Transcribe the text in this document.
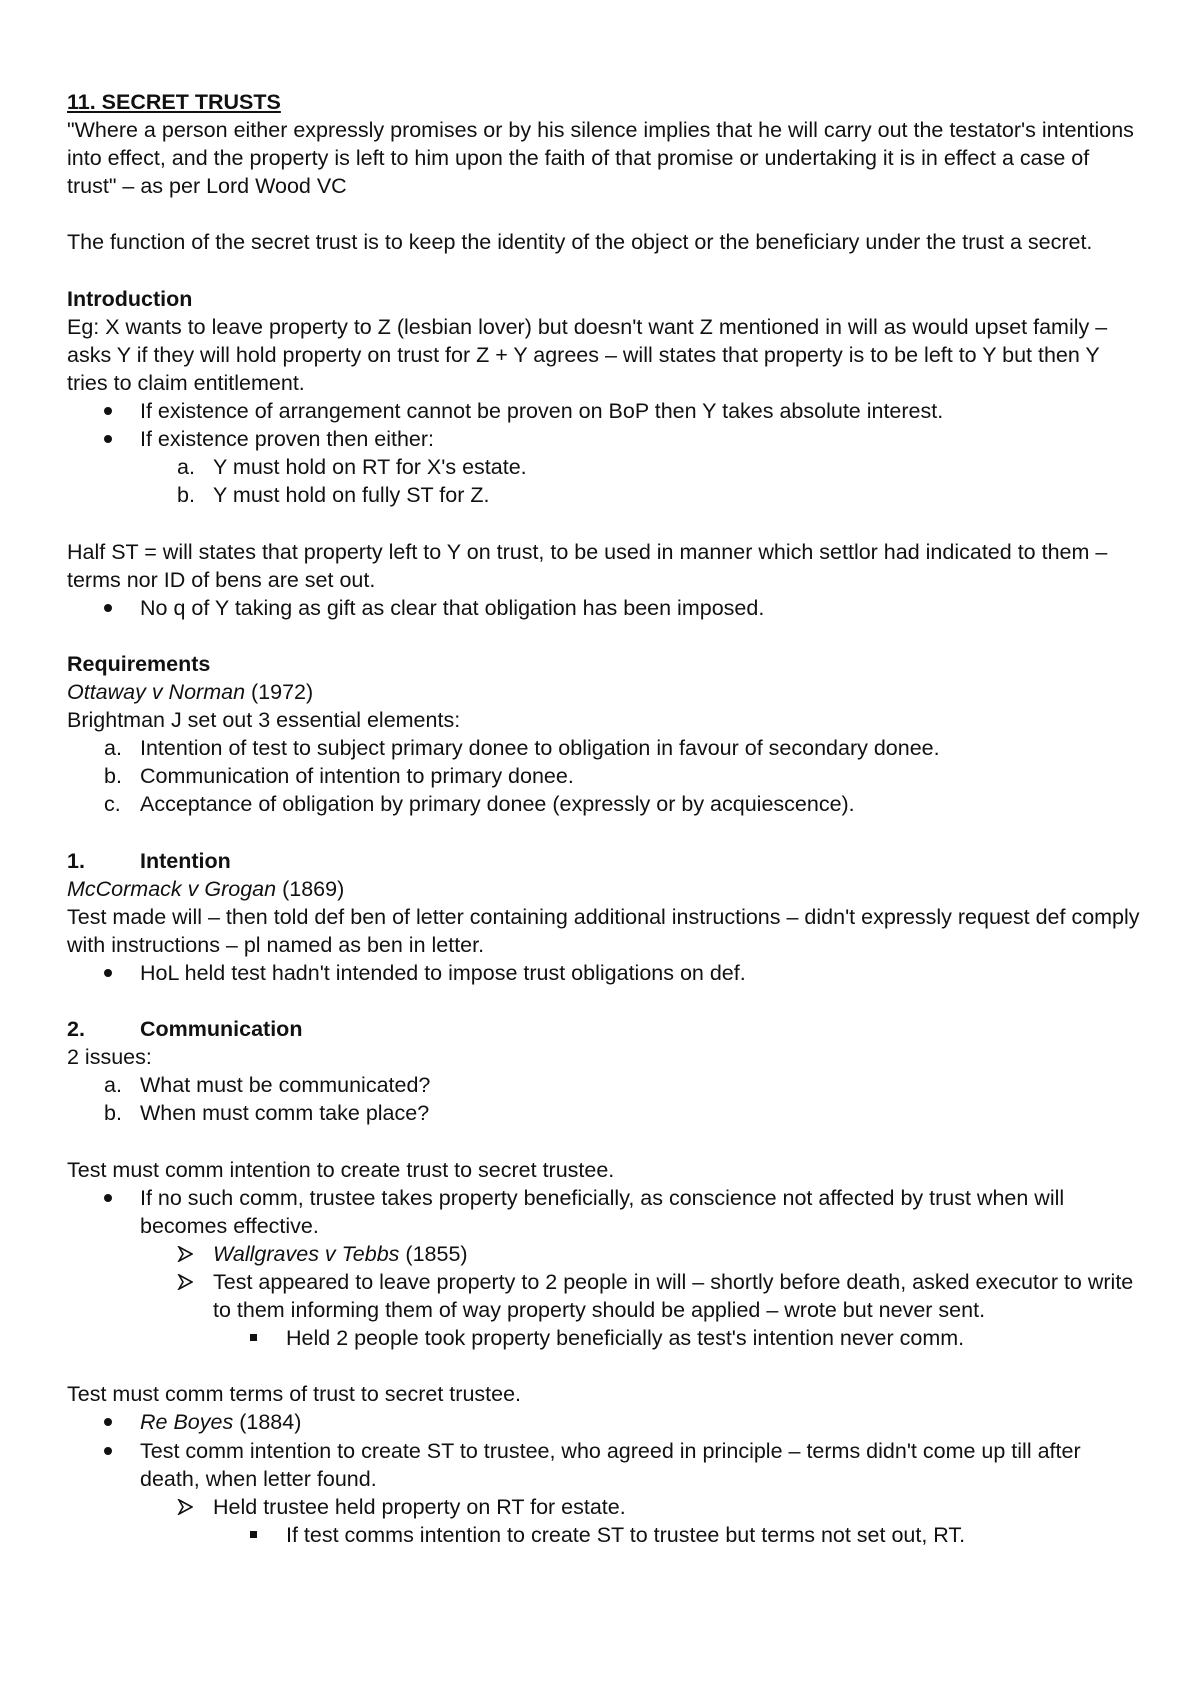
11. SECRET TRUSTS

"Where a person either expressly promises or by his silence implies that he will carry out the testator's intentions into effect, and the property is left to him upon the faith of that promise or undertaking it is in effect a case of trust" – as per Lord Wood VC

The function of the secret trust is to keep the identity of the object or the beneficiary under the trust a secret.

Introduction

Eg: X wants to leave property to Z (lesbian lover) but doesn't want Z mentioned in will as would upset family – asks Y if they will hold property on trust for Z + Y agrees – will states that property is to be left to Y but then Y tries to claim entitlement.

If existence of arrangement cannot be proven on BoP then Y takes absolute interest.
If existence proven then either:
a. Y must hold on RT for X's estate.
b. Y must hold on fully ST for Z.

Half ST = will states that property left to Y on trust, to be used in manner which settlor had indicated to them – terms nor ID of bens are set out.

No q of Y taking as gift as clear that obligation has been imposed.

Requirements

Ottaway v Norman (1972)

Brightman J set out 3 essential elements:

a. Intention of test to subject primary donee to obligation in favour of secondary donee.
b. Communication of intention to primary donee.
c. Acceptance of obligation by primary donee (expressly or by acquiescence).

1.	Intention

McCormack v Grogan (1869)

Test made will – then told def ben of letter containing additional instructions – didn't expressly request def comply with instructions – pl named as ben in letter.

HoL held test hadn't intended to impose trust obligations on def.

2.	Communication

2 issues:

a. What must be communicated?
b. When must comm take place?

Test must comm intention to create trust to secret trustee.

If no such comm, trustee takes property beneficially, as conscience not affected by trust when will becomes effective.
Wallgraves v Tebbs (1855)
Test appeared to leave property to 2 people in will – shortly before death, asked executor to write to them informing them of way property should be applied – wrote but never sent.
Held 2 people took property beneficially as test's intention never comm.

Test must comm terms of trust to secret trustee.

Re Boyes (1884)
Test comm intention to create ST to trustee, who agreed in principle – terms didn't come up till after death, when letter found.
Held trustee held property on RT for estate.
If test comms intention to create ST to trustee but terms not set out, RT.
